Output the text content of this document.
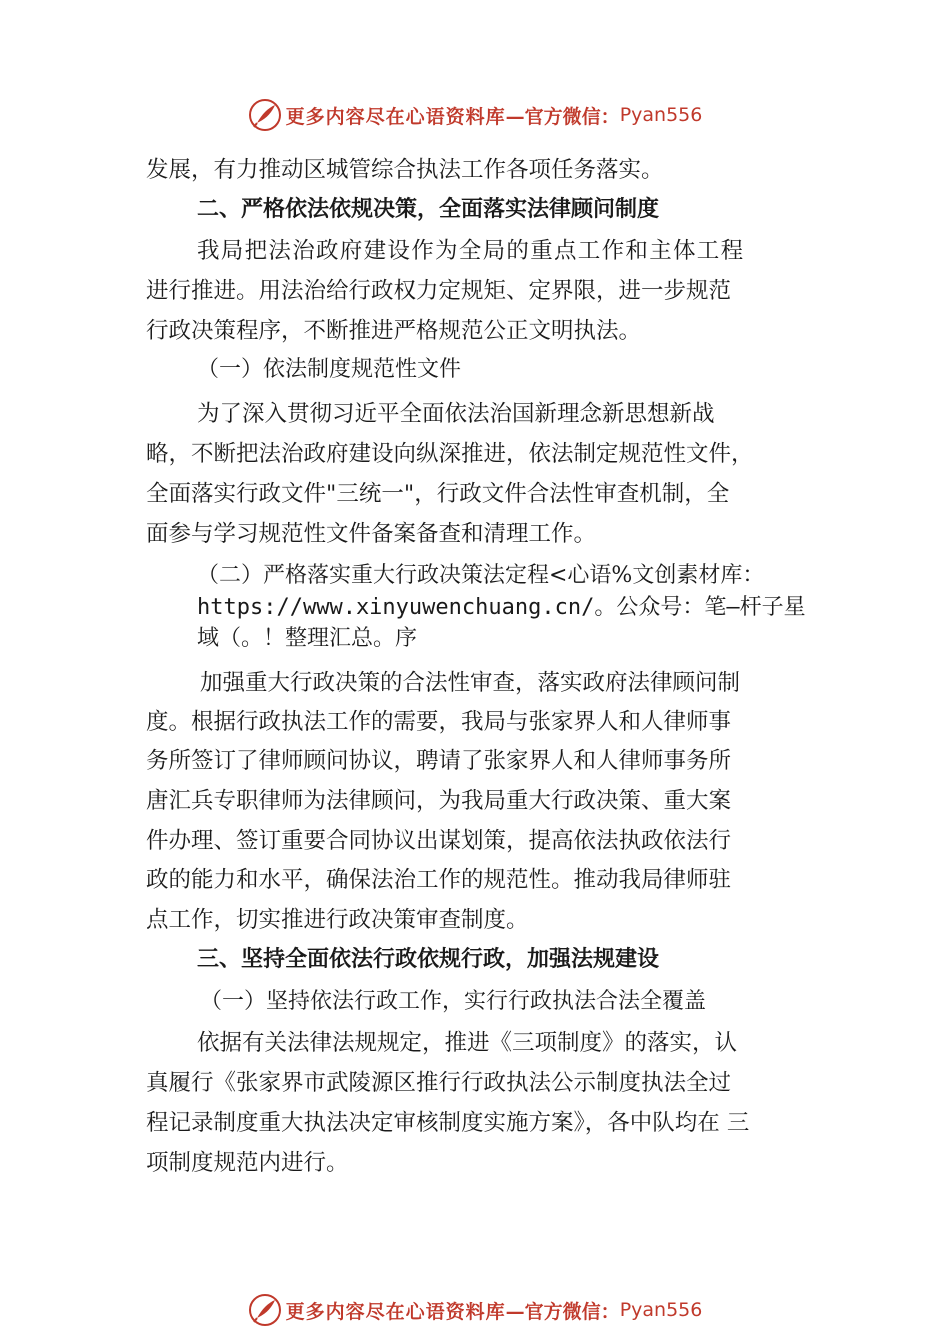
更多内容尽在心语资料库 —官方微信： Pyan556
发展，有力推动区城管综合执法工作各项任务落实。
二、严格依法依规决策，全面落实法律顾问制度
我局把法治政府建设作为全局的重点工作和主体工程
进行推进。用法治给行政权力定规矩、定界限，进一步规范
行政决策程序，不断推进严格规范公正文明执法。
（一）依法制度规范性文件
为了深入贯彻习近平全面依法治国新理念新思想新战
略，不断把法治政府建设向纵深推进，依法制定规范性文件，
全面落实行政文件"三统一"，行政文件合法性审查机制，全
面参与学习规范性文件备案备查和清理工作。
（二）严格落实重大行政决策法定程<心语%文创素材库：
https://www.xinyuwenchuang.cn/。公众号：笔—杆子星
域（。！整理汇总。序
加强重大行政决策的合法性审查，落实政府法律顾问制
度。根据行政执法工作的需要，我局与张家界人和人律师事
务所签订了律师顾问协议，聘请了张家界人和人律师事务所
唐汇兵专职律师为法律顾问，为我局重大行政决策、重大案
件办理、签订重要合同协议出谋划策，提高依法执政依法行
政的能力和水平，确保法治工作的规范性。推动我局律师驻
点工作，切实推进行政决策审查制度。
三、坚持全面依法行政依规行政，加强法规建设
（一）坚持依法行政工作，实行行政执法合法全覆盖
依据有关法律法规规定，推进《三项制度》的落实，认
真履行《张家界市武陵源区推行行政执法公示制度执法全过
程记录制度重大执法决定审核制度实施方案》，各中队均在 三
项制度规范内进行。
更多内容尽在心语资料库 —官方微信： Pyan556
